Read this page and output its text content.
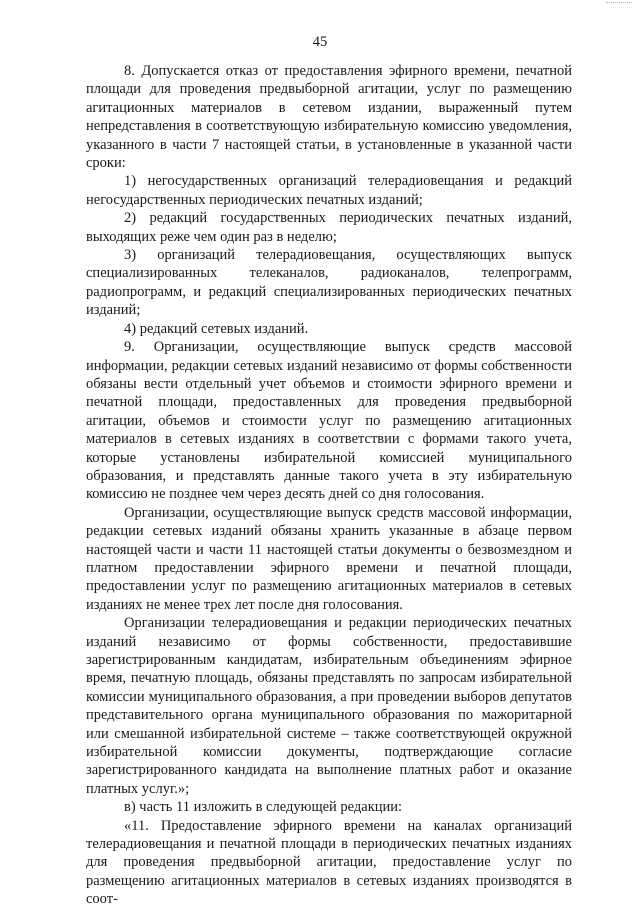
45

8. Допускается отказ от предоставления эфирного времени, печатной площади для проведения предвыборной агитации, услуг по размещению агитационных материалов в сетевом издании, выраженный путем непредставления в соответствующую избирательную комиссию уведомления, указанного в части 7 настоящей статьи, в установленные в указанной части сроки:

1) негосударственных организаций телерадиовещания и редакций негосударственных периодических печатных изданий;

2) редакций государственных периодических печатных изданий, выходящих реже чем один раз в неделю;

3) организаций телерадиовещания, осуществляющих выпуск специализированных телеканалов, радиоканалов, телепрограмм, радиопрограмм, и редакций специализированных периодических печатных изданий;

4) редакций сетевых изданий.

9. Организации, осуществляющие выпуск средств массовой информации, редакции сетевых изданий независимо от формы собственности обязаны вести отдельный учет объемов и стоимости эфирного времени и печатной площади, предоставленных для проведения предвыборной агитации, объемов и стоимости услуг по размещению агитационных материалов в сетевых изданиях в соответствии с формами такого учета, которые установлены избирательной комиссией муниципального образования, и представлять данные такого учета в эту избирательную комиссию не позднее чем через десять дней со дня голосования.

Организации, осуществляющие выпуск средств массовой информации, редакции сетевых изданий обязаны хранить указанные в абзаце первом настоящей части и части 11 настоящей статьи документы о безвозмездном и платном предоставлении эфирного времени и печатной площади, предоставлении услуг по размещению агитационных материалов в сетевых изданиях не менее трех лет после дня голосования.

Организации телерадиовещания и редакции периодических печатных изданий независимо от формы собственности, предоставившие зарегистрированным кандидатам, избирательным объединениям эфирное время, печатную площадь, обязаны представлять по запросам избирательной комиссии муниципального образования, а при проведении выборов депутатов представительного органа муниципального образования по мажоритарной или смешанной избирательной системе – также соответствующей окружной избирательной комиссии документы, подтверждающие согласие зарегистрированного кандидата на выполнение платных работ и оказание платных услуг.»;

в) часть 11 изложить в следующей редакции:

«11. Предоставление эфирного времени на каналах организаций телерадиовещания и печатной площади в периодических печатных изданиях для проведения предвыборной агитации, предоставление услуг по размещению агитационных материалов в сетевых изданиях производятся в соот-
